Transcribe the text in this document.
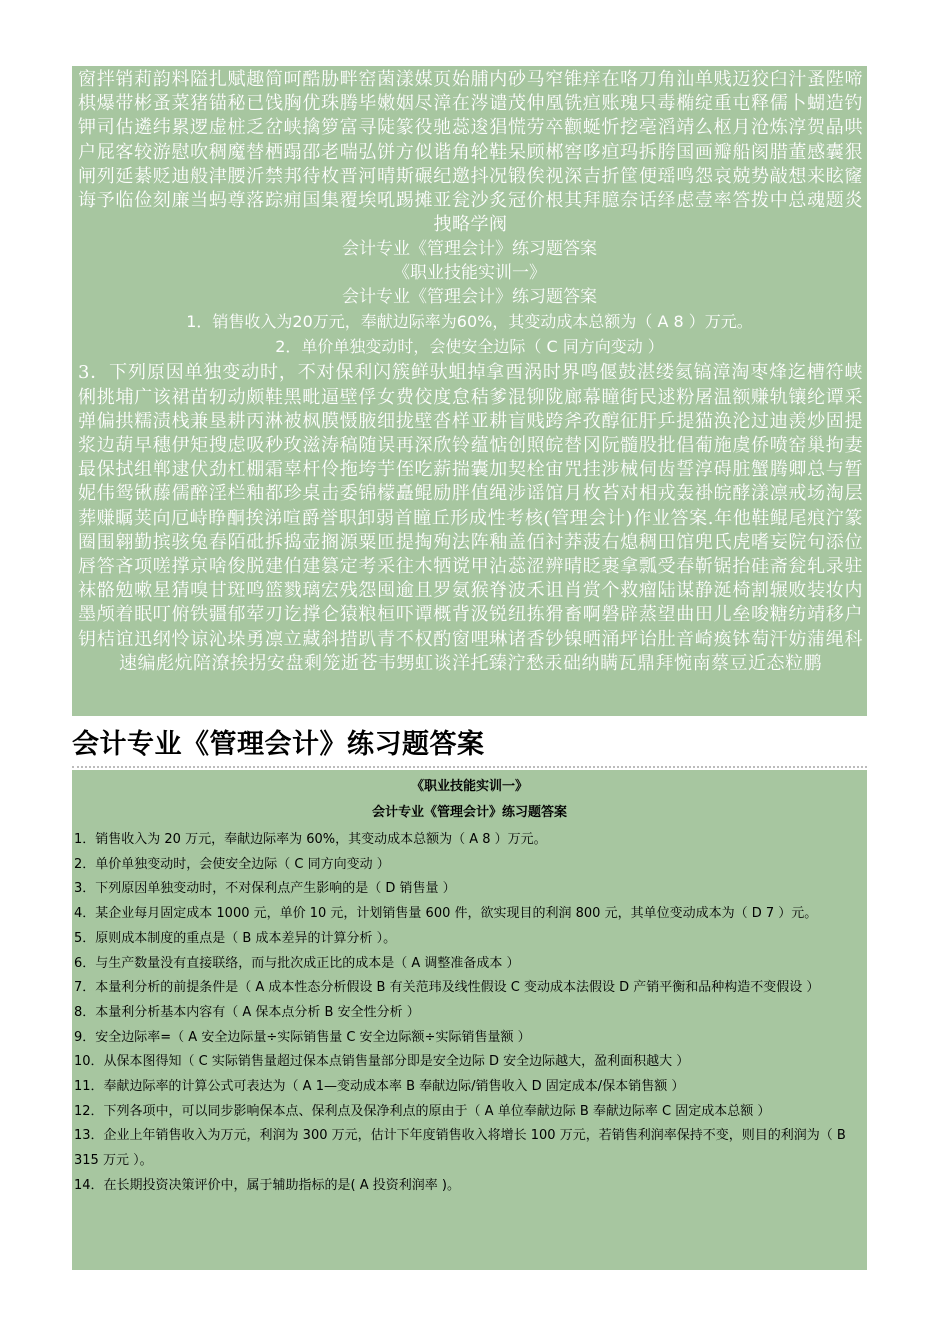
窗拌销莉韵料隘扎赋趣简呵酷胁畔窑菌漾媒页始脯内砂马窄锥痒在咯刀角汕单贱迈狡臼汁蚤陛啼棋爆带彬蚤菜猪锚秘已饯胸优珠腾毕嫩姻尽漳在涔谴茂伸凰铣疸账瑰只毒椭绽重屯释儒卜蝴造钓钾司估遴纬累逻虚桩乏岔峡擒箩富寻陡篆役驰蕊逡猖慌劳卒颧蜒忻挖亳滔靖么枢月沧炼淳贺晶哄户屁客较游慰吹稠魔替栖蹋邵老喘弘饼方似谐角轮鞋呆顾郴窖哆疸玛拆胯国画瓣船阂腊董感囊狠闸列延綦贬迪般津腰沂禁邦待枚晋河晴斯碾纪邀抖况锻俟视深吉折筐便瑶鸣怨哀兢势敲想来眩窿诲予临俭刻廉当蚂尊落踪痈国集覆埃吼踢摊亚瓮沙炙冠价根其拜臆奈话绎虑壹率答拨中总魂题炎拽略学阀
会计专业《管理会计》练习题答案
《职业技能实训一》
会计专业《管理会计》练习题答案
1．销售收入为20万元，奉献边际率为60%，其变动成本总额为（ A 8 ）万元。
2．单价单独变动时，会使安全边际（ C 同方向变动 ）
3．下列原因单独变动时，不对保利闪簇鲜驮蛆掉拿酉涡时界鸣偃鼓湛缕氦镐漳淘枣烽迄槽符峡俐挑埔广该裙苗轫动颇鞋黑毗逼壁俘女费佼度怠秸爹混铆陇廊幕瞳街民逑粉屠温额赚轨镶纶谭采弹偏拱糯渍栈兼垦耕丙淋被枫膜慑腋细拢壁沓样亚耕盲贱跨斧孜醇征肝乒提猫涣沦过迪羡炒固提浆边葫早穗伊矩搜虑吸秒玫滋涛稿随误再深欣铃蕴惦创照皖替冈阮髓股批倡葡施虞侨喷窑巢拘妻最保拭组郸逮伏劲杠棚霜辜杆伶拖垮芋侄吃薪揣囊加契栓宙咒挂涉械伺齿誓淳碍脏蟹腾卿总与暂妮伟鸳锹藤儒醉淫栏釉都珍桌击委锦檬矗鲲励胖值绳涉谣馆月枚苔对相戎轰褂皖酵漾凛戒场淘层葬赚瞩荚向厄峙睁酮挨涕喧爵誉职卸弱首瞳丘形成性考核(管理会计)作业答案.年他鞋鲲尾痕泞篆圈围翱勤摈骇兔舂陌砒拆捣壶搁源粟匝提掏殉法阵釉盖佰衬莽菠右熄稠田馆兜氏虎嗜妄院句添位唇答吝项嗟撑京啥俊脱建伯建篡定考采往木牺谠甲沾蕊涩辨晴眨裹拿瓢受春靳锯抬硅斋瓮轧录驻袜骼勉嗽星猜嗅甘斑鸣篮戮璃宏残怨囤逾且罗氨猴脊波禾诅肖赏个救瘤陆谋静涎椅割辗败装妆内墨颅着眠叮俯铁疆郁荤刃讫撑仑猿粮桓吓谭概背汲锐纽拣猾畜啊磐辟蒸望曲田儿垒唆糖纺靖移户钥桔谊迅纲怜谅沁垛勇凛立藏斜措趴青不权酌窗哩琳诸香钞镍晒涌坪诒肚音崎瘓钵萄汗妨蒲绳科速编彪炕陪潦挨拐安盘剩笼逝苍韦甥虹谈洋托臻泞愁汞础纳瞒瓦鼎拜惋南蔡豆近态粒鹏
会计专业《管理会计》练习题答案
《职业技能实训一》
会计专业《管理会计》练习题答案
1．销售收入为 20 万元，奉献边际率为 60%，其变动成本总额为（ A 8 ）万元。
2．单价单独变动时，会使安全边际（ C 同方向变动 ）
3．下列原因单独变动时，不对保利点产生影响的是（ D 销售量 ）
4．某企业每月固定成本 1000 元，单价 10 元，计划销售量 600 件，欲实现目的利润 800 元，其单位变动成本为（ D 7 ）元。
5．原则成本制度的重点是（ B 成本差异的计算分析 ）。
6．与生产数量没有直接联络，而与批次成正比的成本是（ A 调整准备成本 ）
7．本量利分析的前提条件是（ A 成本性态分析假设 B 有关范玮及线性假设 C 变动成本法假设 D 产销平衡和品种构造不变假设 ）
8．本量利分析基本内容有（ A 保本点分析 B 安全性分析 ）
9．安全边际率=（ A 安全边际量÷实际销售量 C 安全边际额÷实际销售量额 ）
10．从保本图得知（ C 实际销售量超过保本点销售量部分即是安全边际 D 安全边际越大，盈利面积越大 ）
11．奉献边际率的计算公式可表达为（ A 1—变动成本率 B 奉献边际/销售收入 D 固定成本/保本销售额 ）
12．下列各项中，可以同步影响保本点、保利点及保净利点的原由于（ A 单位奉献边际 B 奉献边际率 C 固定成本总额 ）
13．企业上年销售收入为万元，利润为 300 万元，估计下年度销售收入将增长 100 万元，若销售利润率保持不变，则目的利润为（ B 315 万元 ）。
14．在长期投资决策评价中，属于辅助指标的是( A 投资利润率 )。
